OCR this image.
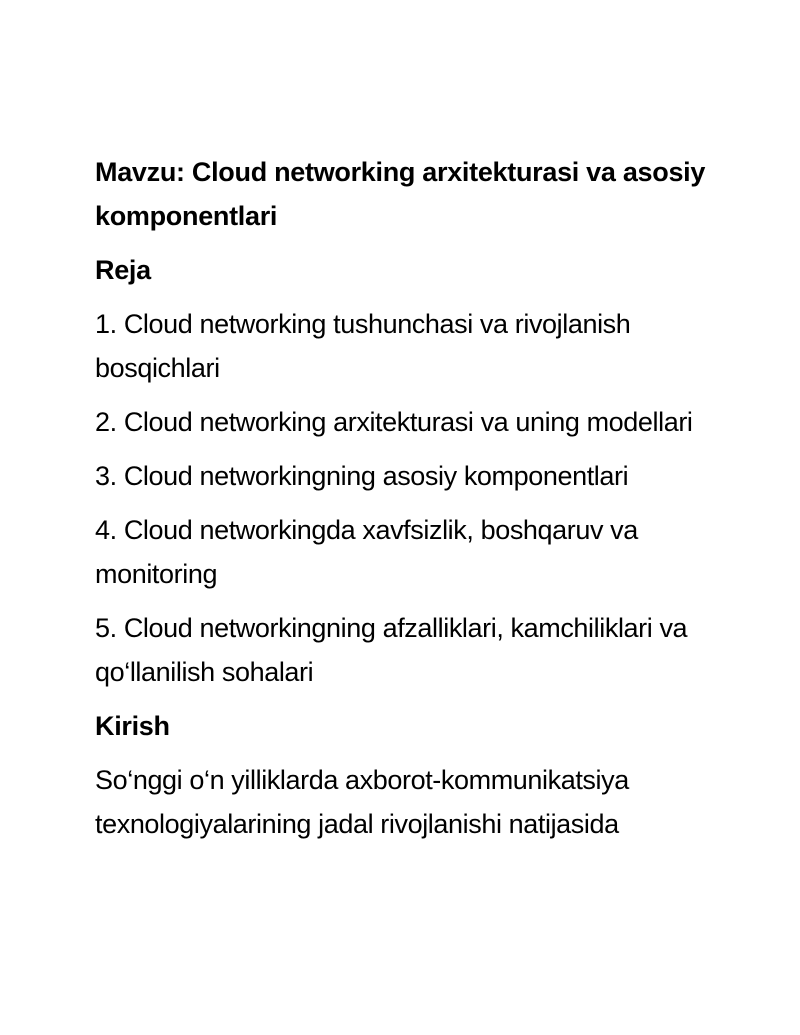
Mavzu: Cloud networking arxitekturasi va asosiy komponentlari

Reja

1. Cloud networking tushunchasi va rivojlanish bosqichlari
2. Cloud networking arxitekturasi va uning modellari
3. Cloud networkingning asosiy komponentlari
4. Cloud networkingda xavfsizlik, boshqaruv va monitoring
5. Cloud networkingning afzalliklari, kamchiliklari va qo‘llanilish sohalari

Kirish

So‘nggi o‘n yilliklarda axborot-kommunikatsiya texnologiyalarining jadal rivojlanishi natijasida
